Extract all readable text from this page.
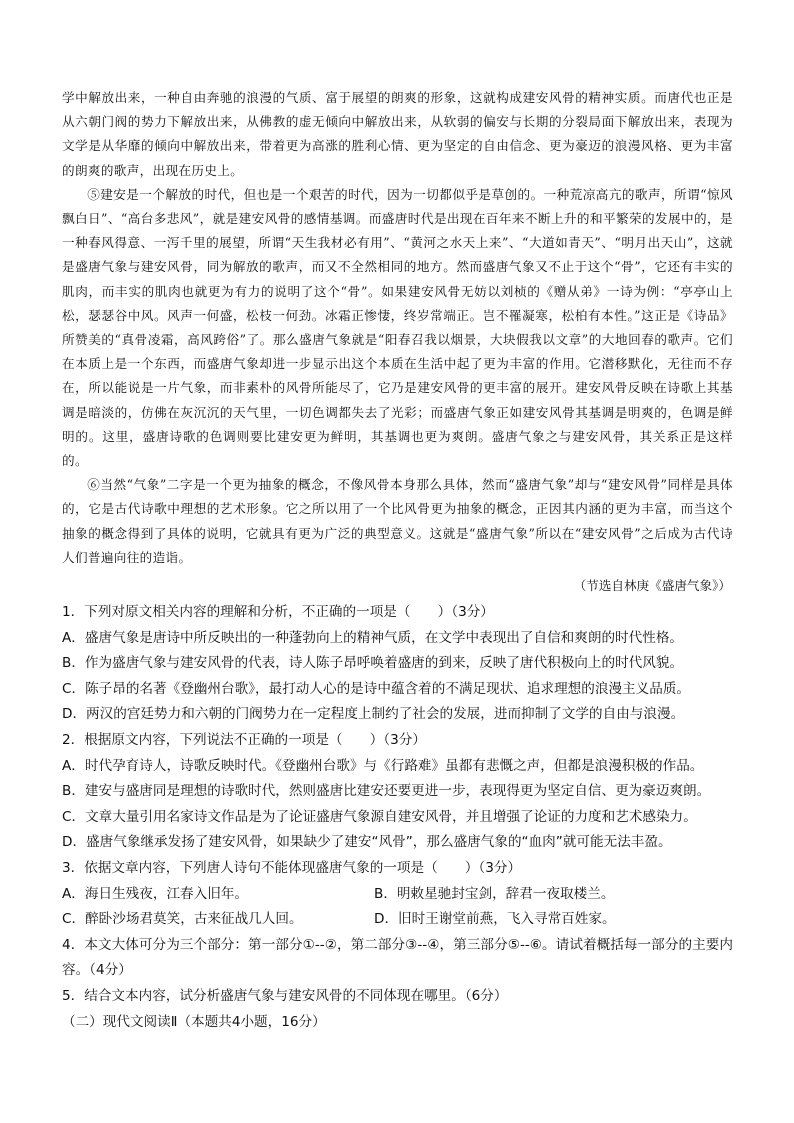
学中解放出来，一种自由奔驰的浪漫的气质、富于展望的朗爽的形象，这就构成建安风骨的精神实质。而唐代也正是从六朝门阀的势力下解放出来，从佛教的虚无倾向中解放出来，从软弱的偏安与长期的分裂局面下解放出来，表现为文学是从华靡的倾向中解放出来，带着更为高涨的胜利心情、更为坚定的自由信念、更为豪迈的浪漫风格、更为丰富的朗爽的歌声，出现在历史上。

⑤建安是一个解放的时代，但也是一个艰苦的时代，因为一切都似乎是草创的。一种荒凉高亢的歌声，所谓“惊风飘白日”、“高台多悲风”，就是建安风骨的感情基调。而盛唐时代是出现在百年来不断上升的和平繁荣的发展中的，是一种春风得意、一泻千里的展望，所谓“天生我材必有用”、“黄河之水天上来”、“大道如青天”、“明月出天山”，这就是盛唐气象与建安风骨，同为解放的歌声，而又不全然相同的地方。然而盛唐气象又不止于这个“骨”，它还有丰实的肌肉，而丰实的肌肉也就更为有力的说明了这个“骨”。如果建安风骨无妨以刘桢的《赠从弟》一诗为例：“亭亭山上松，瑟瑟谷中风。风声一何盛，松枝一何劲。冰霜正惨悽，终岁常端正。岂不罹凝寒，松柏有本性。”这正是《诗品》所赞美的“真骨凌霜，高风跨俗”了。那么盛唐气象就是“阳春召我以烟景，大块假我以文章”的大地回春的歌声。它们在本质上是一个东西，而盛唐气象却进一步显示出这个本质在生活中起了更为丰富的作用。它潜移默化，无往而不存在，所以能说是一片气象，而非素朴的风骨所能尽了，它乃是建安风骨的更丰富的展开。建安风骨反映在诗歌上其基调是暗淡的，仿佛在灰沉沉的天气里，一切色调都失去了光彩；而盛唐气象正如建安风骨其基调是明爽的，色调是鲜明的。这里，盛唐诗歌的色调则要比建安更为鲜明，其基调也更为爽朗。盛唐气象之与建安风骨，其关系正是这样的。

⑥当然“气象”二字是一个更为抽象的概念，不像风骨本身那么具体，然而“盛唐气象”却与“建安风骨”同样是具体的，它是古代诗歌中理想的艺术形象。它之所以用了一个比风骨更为抽象的概念，正因其内涵的更为丰富，而当这个抽象的概念得到了具体的说明，它就具有更为广泛的典型意义。这就是“盛唐气象”所以在“建安风骨”之后成为古代诗人们普遍向往的造诣。

（节选自林庚《盛唐气象》）

1．下列对原文相关内容的理解和分析，不正确的一项是（　　）（3分）

A．盛唐气象是唐诗中所反映出的一种蓬勃向上的精神气质，在文学中表现出了自信和爽朗的时代性格。

B．作为盛唐气象与建安风骨的代表，诗人陈子昂呼唤着盛唐的到来，反映了唐代积极向上的时代风貌。

C．陈子昂的名著《登幽州台歌》，最打动人心的是诗中蕴含着的不满足现状、追求理想的浪漫主义品质。

D．两汉的宫廷势力和六朝的门阀势力在一定程度上制约了社会的发展，进而抑制了文学的自由与浪漫。

2．根据原文内容，下列说法不正确的一项是（　　）（3分）

A．时代孕育诗人，诗歌反映时代。《登幽州台歌》与《行路难》虽都有悲慨之声，但都是浪漫积极的作品。

B．建安与盛唐同是理想的诗歌时代，然则盛唐比建安还要更进一步，表现得更为坚定自信、更为豪迈爽朗。

C．文章大量引用名家诗文作品是为了论证盛唐气象源自建安风骨，并且增强了论证的力度和艺术感染力。

D．盛唐气象继承发扬了建安风骨，如果缺少了建安“风骨”，那么盛唐气象的“血肉”就可能无法丰盈。

3．依据文章内容，下列唐人诗句不能体现盛唐气象的一项是（　　）（3分）

A．海日生残夜，江春入旧年。	B．明敕星驰封宝剑，辞君一夜取楼兰。
C．醉卧沙场君莫笑，古来征战几人回。	D．旧时王谢堂前燕，飞入寻常百姓家。

4．本文大体可分为三个部分：第一部分①--②，第二部分③--④，第三部分⑤--⑥。请试着概括每一部分的主要内容。（4分）

5．结合文本内容，试分析盛唐气象与建安风骨的不同体现在哪里。（6分）

（二）现代文阅读Ⅱ（本题共4小题，16分）
